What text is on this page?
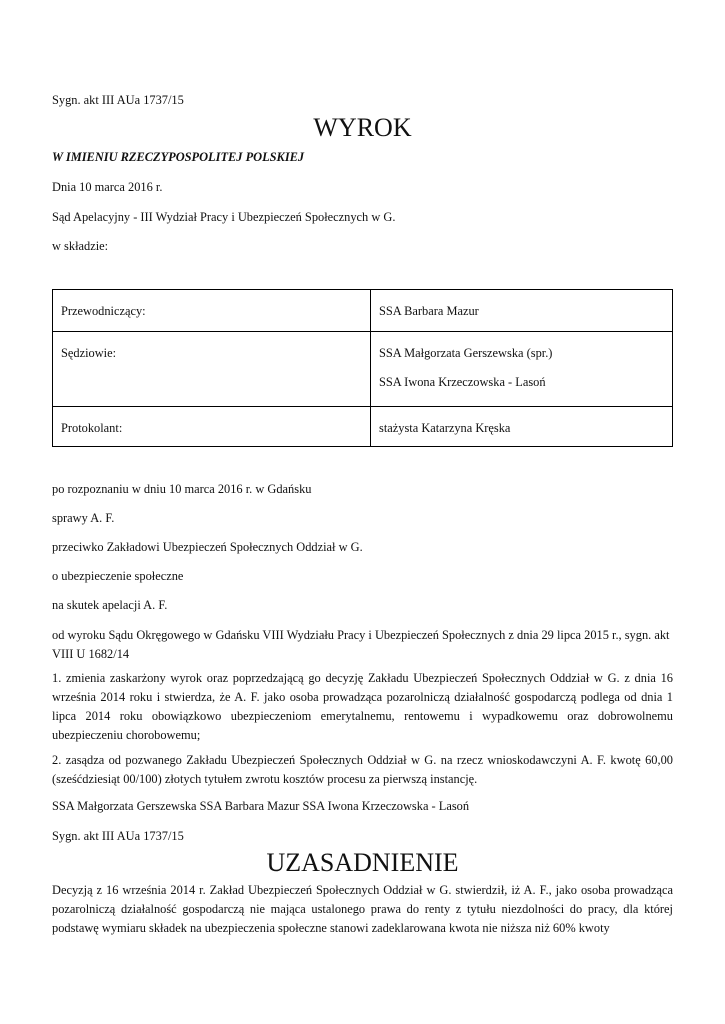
Sygn. akt III AUa 1737/15

WYROK

W IMIENIU RZECZYPOSPOLITEJ POLSKIEJ

Dnia 10 marca 2016 r.

Sąd Apelacyjny - III Wydział Pracy i Ubezpieczeń Społecznych w G.

w składzie:

Przewodniczący:	SSA Barbara Mazur

Sędziowie:	SSA Małgorzata Gerszewska (spr.)
SSA Iwona Krzeczowska - Lasoń

Protokolant:	stażysta Katarzyna Kręska

po rozpoznaniu w dniu 10 marca 2016 r. w Gdańsku

sprawy A. F.

przeciwko Zakładowi Ubezpieczeń Społecznych Oddział w G.

o ubezpieczenie społeczne

na skutek apelacji A. F.

od wyroku Sądu Okręgowego w Gdańsku VIII Wydziału Pracy i Ubezpieczeń Społecznych z dnia 29 lipca 2015 r., sygn. akt VIII U 1682/14

1. zmienia zaskarżony wyrok oraz poprzedzającą go decyzję Zakładu Ubezpieczeń Społecznych Oddział w G. z dnia 16 września 2014 roku i stwierdza, że A. F. jako osoba prowadząca pozarolniczą działalność gospodarczą podlega od dnia 1 lipca 2014 roku obowiązkowo ubezpieczeniom emerytalnemu, rentowemu i wypadkowemu oraz dobrowolnemu ubezpieczeniu chorobowemu;

2. zasądza od pozwanego Zakładu Ubezpieczeń Społecznych Oddział w G. na rzecz wnioskodawczyni A. F. kwotę 60,00 (sześćdziesiąt 00/100) złotych tytułem zwrotu kosztów procesu za pierwszą instancję.

SSA Małgorzata Gerszewska SSA Barbara Mazur SSA Iwona Krzeczowska - Lasoń

Sygn. akt III AUa 1737/15

UZASADNIENIE

Decyzją z 16 września 2014 r. Zakład Ubezpieczeń Społecznych Oddział w G. stwierdził, iż A. F., jako osoba prowadząca pozarolniczą działalność gospodarczą nie mająca ustalonego prawa do renty z tytułu niezdolności do pracy, dla której podstawę wymiaru składek na ubezpieczenia społeczne stanowi zadeklarowana kwota nie niższa niż 60% kwoty
